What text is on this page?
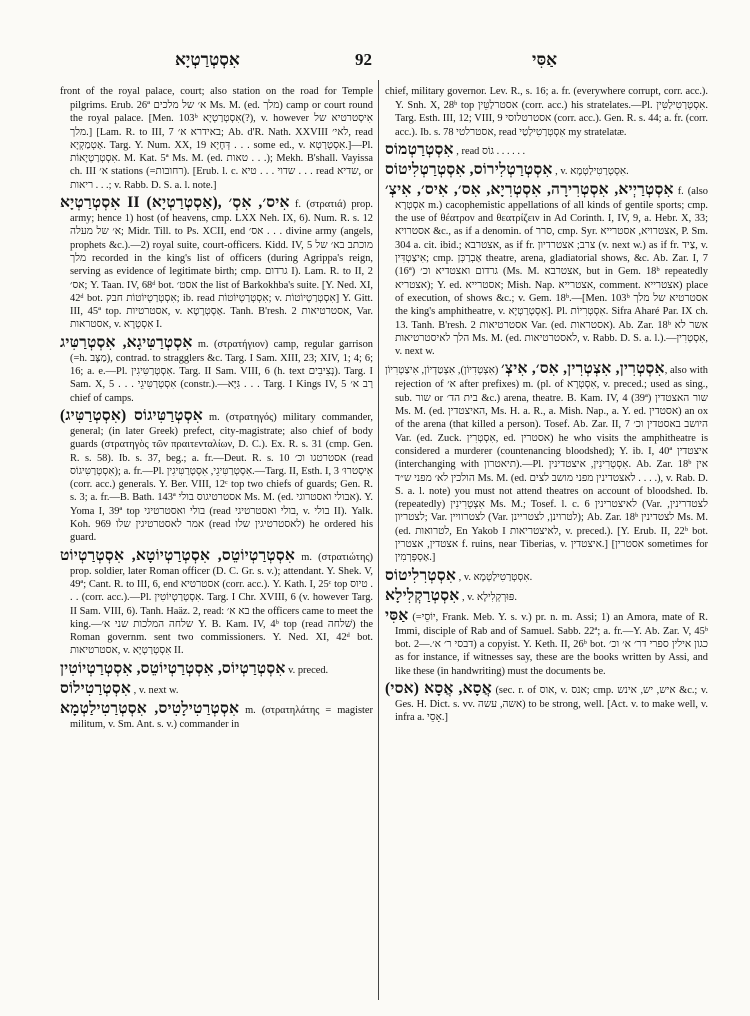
אִסְטְרַטְיָא	92	אַסִּי

front of the royal palace, court; also station on the road for Temple pilgrims. Erub. 26ª א׳ של מלכים Ms. M. (ed. מלך) camp or court round the royal palace. [Men. 103ᵇ אִסְטְרַטְיָא(?), v. however אִיסְטרטיא של מלך.] [Lam. R. to III, 7 באידרא א׳; Ab. d'R. Nath. XXVIII לאי׳, read אַטְמַקְיָא. Targ. Y. Num. XX, 19 דְּחָיָא . . . some ed., v. אִסְטְרַטְא.]—Pl. אִסְטְרַטְיָאוֹת. M. Kat. 5ª Ms. M. (ed. טאות . . .); Mekh. B'shall. Vayissa ch. III א׳ stations (=רחובות). [Erub. l. c. שדוי . . . טיא . . . read שדיא, or ריאות . . .; v. Rabb. D. S. a. l. note.]

אִסְטְרַטְיָא II (אַסְטְרַטְיָא), אִיס׳, אִסְ׳ f. (στρατιά) prop. army; hence 1) host (of heavens, cmp. LXX Neh. IX, 6). Num. R. s. 12 א׳ של מעלה; Midr. Till. to Ps. XCII, end אס׳ . . . divine army (angels, prophets &c.).—2) royal suite, court-officers. Kidd. IV, 5 מוכתב בא׳ של מלך recorded in the king's list of officers (during Agrippa's reign, serving as evidence of legitimate birth; cmp. גרדום I). Lam. R. to II, 2 אס׳; Y. Taan. IV, 68ᵈ bot. אסט׳ the list of Barkokhba's suite. [Y. Ned. XI, 42ᵈ bot. אִסְטְרַטְיוֹטוֹת חבק; ib. read אִסְטְרַטְיוֹטוֹת; v. אִסְטְרַטְיוֹטוֹת] Y. Gitt. III, 45ª top. אסטרטיות, v. אַסְטְרָטָא. Tanh. B'resh. 2 אסטרטיאות, Var. אסטראות, v. אִסְטְרָא I.

אִסְטְרַטִּיגָא, אִסְטְרַטִּיג m. (στρατήγιον) camp, regular garrison (=h. מַצָּב), contrad. to stragglers &c. Targ. I Sam. XIII, 23; XIV, 1; 4; 6; 16; a. e.—Pl. אִסְטְרַטִּיגִין. Targ. II Sam. VIII, 6 (h. text נְצִיבִים). Targ. I Sam. X, 5 . . . אִסְטְרַטִּיגֵי (constr.).—גִּיָּא . . . Targ. I Kings IV, 5 רַב א׳ chief of camps.

אִסְטְרַטִּיגוֹס (אִסְטְרַטִּיג) m. (στρατηγός) military commander, general; (in later Greek) prefect, city-magistrate; also chief of body guards (στρατηγὸς τῶν πραιτενταλίων, D. C.). Ex. R. s. 31 (cmp. Gen. R. s. 58). Ib. s. 37, beg.; a. fr.—Deut. R. s. 10 אסטרטגו וכ׳ (read אִסְטְרַטִּיגוֹס); a. fr.—Pl. אִסְטְרַטִּיגֵי, אִסְטְרַטִּיגִין.—Targ. II, Esth. I, 3 אִיסְטרוּ׳ (corr. acc.) generals. Y. Ber. VIII, 12ᶜ top two chiefs of guards; Gen. R. s. 3; a. fr.—B. Bath. 143ª אסטרטיגוס בולי Ms. M. (ed. אבולי ואסטרוגי). Y. Yoma I, 39ª top בולי ואסטרטיגי (read בולי ואסטרטיגי, v. בולי II). Yalk. Koh. 969 אמר לאסטרטיגין שלו (read לאסטרטיגין שלו) he ordered his guard.

אִסְטְרַטְיוֹטֵס, אִסְטְרַטְיוֹטָא, אִסְטְרַטְיוֹט m. (στρατιώτης) prop. soldier, later Roman officer (D. C. Gr. s. v.); attendant. Y. Shek. V, 49ª; Cant. R. to III, 6, end אסטרטיא (corr. acc.). Y. Kath. I, 25ᶜ top טיוס . . . (corr. acc.).—Pl. אִסְטְרַטְיוֹטִין. Targ. I Chr. XVIII, 6 (v. however Targ. II Sam. VIII, 6). Tanh. Haäz. 2, read: בא א׳ the officers came to meet the king.—שלחה המלכות שני א׳ Y. B. Kam. IV, 4ᵇ top (read שׁלחה) the Roman governm. sent two commissioners. Y. Ned. XI, 42ᵈ bot. אסטרטיאות, v. אִסְטְרַטְיָא II.

אִסְטְרַטְיוֹס, אִסְטְרַטְיוֹטֵס, אִסְטְרַטְיוֹטִין v. preced.

אִסְטְרַטִילוֹס , v. next w.

אִסְטְרַטִילָטִיס, אִסְטְרַטִילַטְמָא m. (στρατηλάτης = magister militum, v. Sm. Ant. s. v.) commander in

chief, military governor. Lev. R., s. 16; a. fr. (everywhere corrupt, corr. acc.). Y. Snh. X, 28ᵇ top אסטרלַטֵּין (corr. acc.) his stratelates.—Pl. אִסְטְרַטִילַטִּין. Targ. Esth. III, 12; VIII, 9 אסטרטלוסי (corr. acc.). Gen. R. s. 44; a. fr. (corr. acc.). Ib. s. 78 אסטרלטי, read אִסְטְרַטִילַטַי my stratelatæ.

אִסְטְרַטְמוֹס , read גוֹס . . . . . .

אִסְטְרַטְלִירוֹס, אִסְטְרַטְלִיטוֹס , v. אִסְטְרַטִילַטְמָא.

אִסְטְרַיְיא, אִסְטְרִירָה, אִסְטְרִיָא, אִס׳, אִיס׳, אִיצְ׳ f. (also אִסְטְרָא m.) cacophemistic appellations of all kinds of gentile sports; cmp. the use of θέατρον and θεατρίζειν in Ad Corinth. I, IV, 9, a. Hebr. X, 33; אסטרויא &c., as if a denomin. of סרר, cmp. Syr. אצטרויא, אסטרייא, P. Sm. 304 a. cit. ibid.; אצטרבא, as if fr. צרב; אצטרדיון (v. next w.) as if fr. צַיד, v. אִיצַטְדִּין; cmp. אַבְרַכְּן theatre, arena, gladiatorial shows, &c. Ab. Zar. I, 7 (16ª) גרדום ואצטדיא וכ׳ (Ms. M. אצטרבא, but in Gem. 18ᵇ repeatedly אצטריא); Y. ed. אסטרייא; Mish. Nap. אצטרייא, comment. אצטרייא) place of execution, of shows &c.; v. Gem. 18ᵇ.—[Men. 103ᵇ אסטרטיא של מלך the king's amphitheatre, v. אִסְטְרַטְיָא]. Pl. אִסְטְרִיוֹת. Sifra Aharé Par. IX ch. 13. Tanh. B'resh. 2 אסטרטיאות Var. (ed. אסטראות). Ab. Zar. 18ᵇ אשר לא הלך לאיסטרטיאות Ms. M. (ed. לאסטרטיאות, v. Rabb. D. S. a. l.).—אִסְטְרִין, v. next w.

אִסְטְרִין, אִצְטְרִין, אִס׳, אִיצְ׳ (אִצְטְדִיוֹן), אִצְטַדְיוֹן, אִיצַטְרִיוֹן, also with rejection of א׳ after prefixes) m. (pl. of אִסְטְרָא, v. preced.; used as sing., sub. שור or בית הד׳ &c.) arena, theatre. B. Kam. IV, 4 (39ª) שור האצטדין Ms. M. (ed. האיצטדין, Ms. H. a. R., a. Mish. Nap., a. Y. ed. אסטדין) an ox of the arena (that killed a person). Tosef. Ab. Zar. II, 7 היושב באסטדין וכ׳ Var. (ed. Zuck. אִסְטְרִין, ed. אסטרין) he who visits the amphitheatre is considered a murderer (countenancing bloodshed); Y. ib. I, 40ª איצטדין (interchanging with תיאטרון).—Pl. אִסְטְרִינִין, איצטדינין. Ab. Zar. 18ᵇ אין הולכין לא׳ מפני ש״ד Ms. M. (ed. לאצטדינין מפני מושב לצים . . . .), v. Rab. D. S. a. l. note) you must not attend theatres on account of bloodshed. Ib. (repeatedly) אִצְטְרִינִין Ms. M.; Tosef. l. c. 6 לאיצטרינין (Var. לצטדרינין, לצטריון; Var. לצטרוויין (Var. לטרוינן, לצטריינן); Ab. Zar. 18ᵇ לצטדינין Ms. M. (ed. לטרואות, En Yakob I לאיצטריאות, v. preced.). [Y. Erub. II, 22ᵇ bot. אצטדין, אצטרין f. ruins, near Tiberias, v. איצטדין.] [אסטרין sometimes for אַסְפְּרְמִין.]

אִסְטְרִלִיטוֹס , v. אִסְטְרַטִילַטְמָא.

אִסְטְרַקְלִילָא , v. פּוּרְקְלִילָא.

אַסִּי (=יוֹסֵי, Frank. Meb. Y. s. v.) pr. n. m. Assi; 1) an Amora, mate of R. Immi, disciple of Rab and of Samuel. Sabb. 22ª; a. fr.—Y. Ab. Zar. V, 45ᵇ bot. דבסי ר׳ א׳.—2) a copyist. Y. Keth. II, 26ᵇ bot. כגון אילין ספרי דר׳ א׳ וכ׳ as for instance, if witnesses say, these are the books written by Assi, and like these (in handwriting) must the documents be.

אֲסָא, אֲסָא (אסי) (sec. r. of אוס, v. אנס; cmp. איש, יש, אינש &c.; v. Ges. H. Dict. s. vv. אשה, עשה) to be strong, well. [Act. v. to make well, v. infra a. אָסֵי.]
